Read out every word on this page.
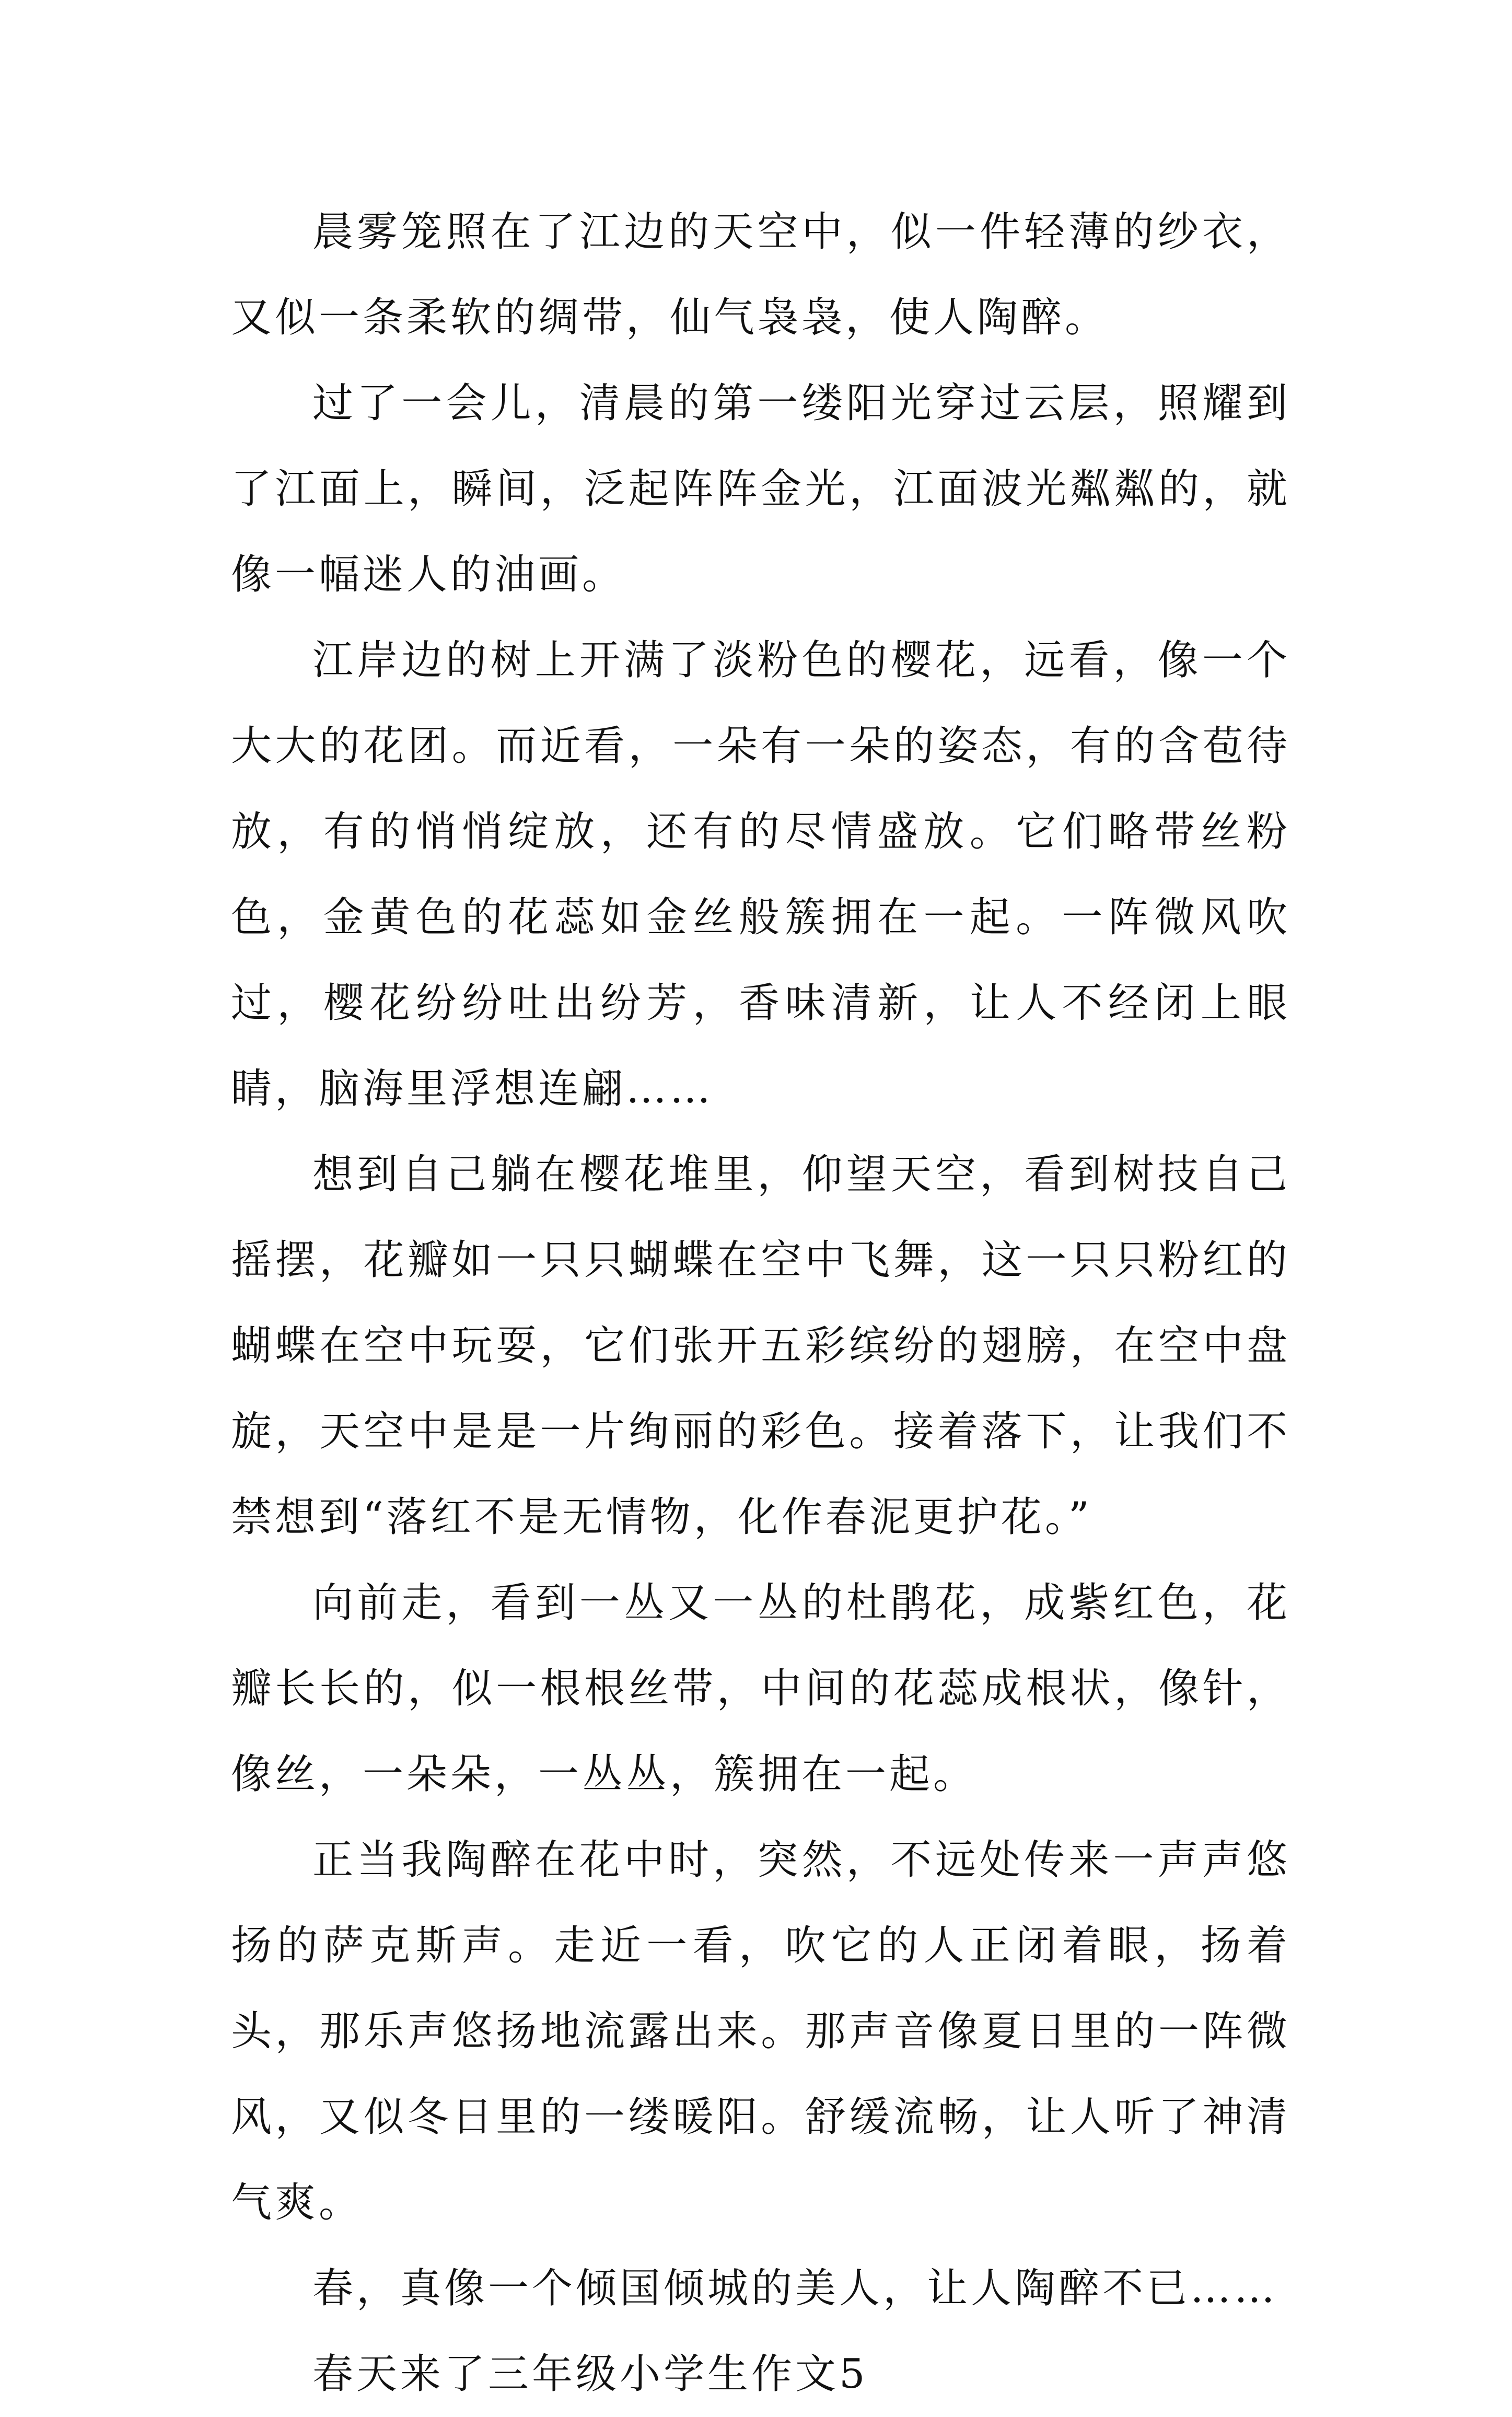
晨雾笼照在了江边的天空中，似一件轻薄的纱衣，又似一条柔软的绸带，仙气袅袅，使人陶醉。

过了一会儿，清晨的第一缕阳光穿过云层，照耀到了江面上，瞬间，泛起阵阵金光，江面波光粼粼的，就像一幅迷人的油画。

江岸边的树上开满了淡粉色的樱花，远看，像一个大大的花团。而近看，一朵有一朵的姿态，有的含苞待放，有的悄悄绽放，还有的尽情盛放。它们略带丝粉色，金黄色的花蕊如金丝般簇拥在一起。一阵微风吹过，樱花纷纷吐出纷芳，香味清新，让人不经闭上眼睛，脑海里浮想连翩……

想到自己躺在樱花堆里，仰望天空，看到树技自己摇摆，花瓣如一只只蝴蝶在空中飞舞，这一只只粉红的蝴蝶在空中玩耍，它们张开五彩缤纷的翅膀，在空中盘旋，天空中是是一片绚丽的彩色。接着落下，让我们不禁想到“落红不是无情物，化作春泥更护花。”

向前走，看到一丛又一丛的杜鹃花，成紫红色，花瓣长长的，似一根根丝带，中间的花蕊成根状，像针，像丝，一朵朵，一丛丛，簇拥在一起。

正当我陶醉在花中时，突然，不远处传来一声声悠扬的萨克斯声。走近一看，吹它的人正闭着眼，扬着头，那乐声悠扬地流露出来。那声音像夏日里的一阵微风，又似冬日里的一缕暖阳。舒缓流畅，让人听了神清气爽。

春，真像一个倾国倾城的美人，让人陶醉不已……

春天来了三年级小学生作文5
